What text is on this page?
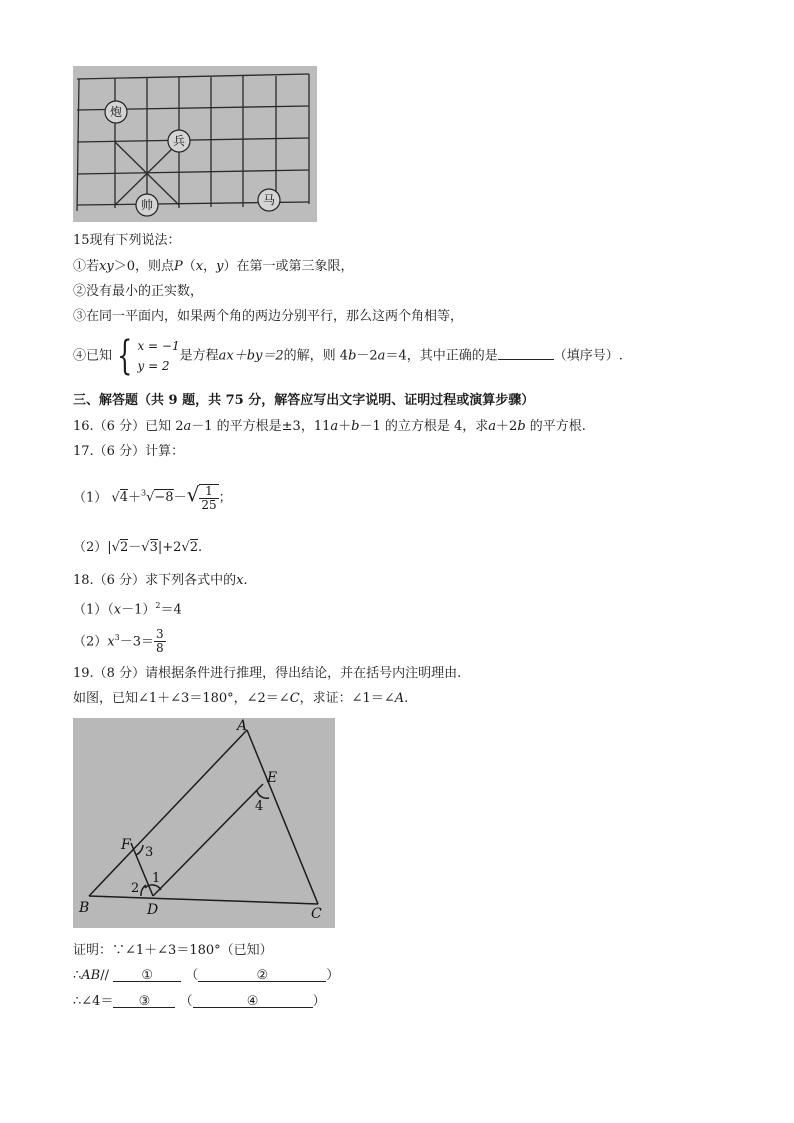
炮
兵
帅	马
15现有下列说法：
①若xy＞0，则点P（x，y）在第一或第三象限，
②没有最小的正实数，
③在同一平面内，如果两个角的两边分别平行，那么这两个角相等，
④已知 { x = −1
y = 2
是方程ax＋by＝2的解，则 4b－2a＝4，其中正确的是	（填序号）.
三、解答题（共 9 题，共 75 分，解答应写出文字说明、证明过程或演算步骤）
16.（6 分）已知 2a－1 的平方根是±3，11a＋b－1 的立方根是 4，求a＋2b 的平方根.
17.（6 分）计算：
（1） $√4+^3√-8-√ \frac{1}{25}$ ；
（2）|√2－√3|+2√2.
18.（6 分）求下列各式中的x.
$(1)(x-1)^2=4$
$(2)x^3-3= \frac{3}{8}$
19.（8 分）请根据条件进行推理，得出结论，并在括号内注明理由.
如图，已知∠1＋∠3＝180°，∠2＝∠C，求证：∠1＝∠A.
A
E
F
B	D	C
1
2
3
4
证明：∵∠1＋∠3＝180°（已知）
∴AB// ① （	②	）
∴∠4＝ ③ （	④	）
